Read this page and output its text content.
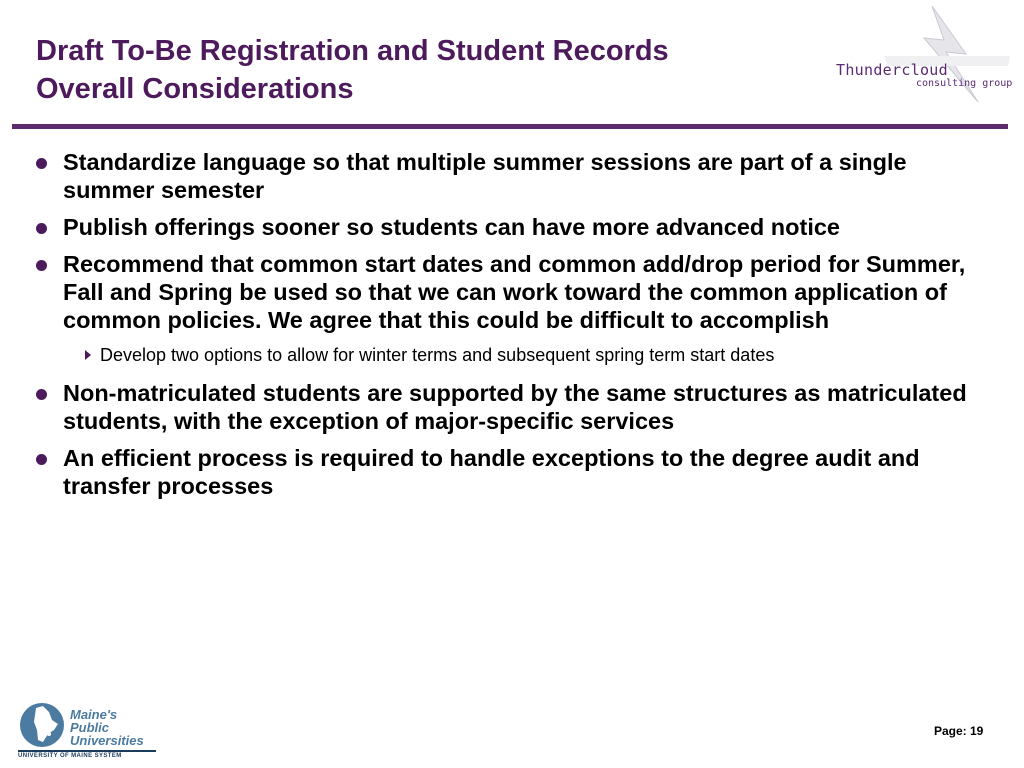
Draft To-Be Registration and Student Records
Overall Considerations
Thundercloud
consulting group
Standardize language so that multiple summer sessions are part of a single summer semester
Publish offerings sooner so students can have more advanced notice
Recommend that common start dates and common add/drop period for Summer, Fall and Spring be used so that we can work toward the common application of common policies. We agree that this could be difficult to accomplish
Develop two options to allow for winter terms and subsequent spring term start dates
Non-matriculated students are supported by the same structures as matriculated students, with the exception of major-specific services
An efficient process is required to handle exceptions to the degree audit and transfer processes
Maine's
Public
Universities
UNIVERSITY OF MAINE SYSTEM
Page: 19
